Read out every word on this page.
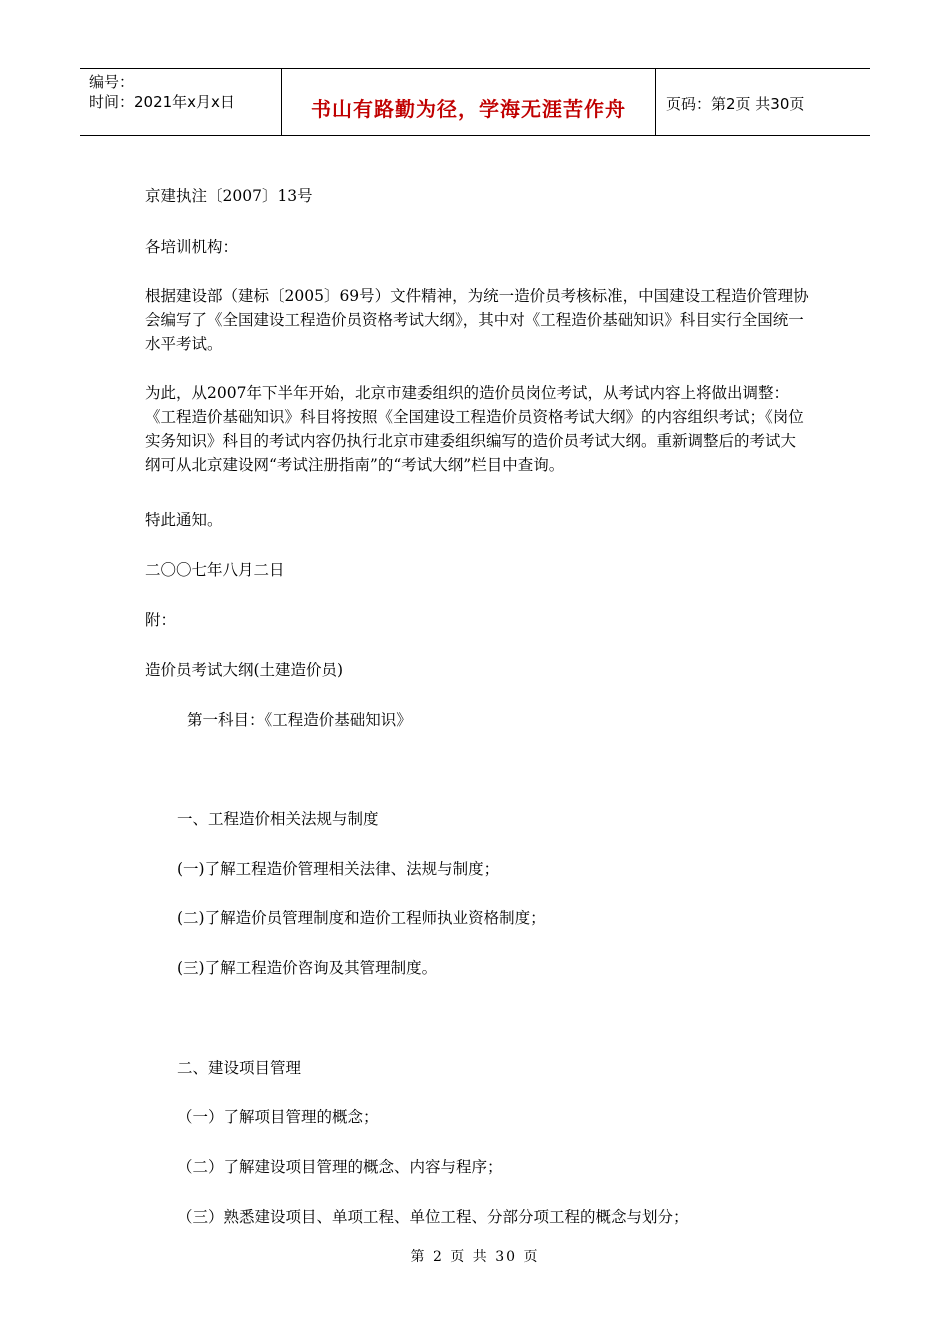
编号：
时间：2021年x月x日	书山有路勤为径，学海无涯苦作舟	页码：第2页 共30页
京建执注〔2007〕13号
各培训机构：
根据建设部（建标〔2005〕69号）文件精神，为统一造价员考核标准，中国建设工程造价管理协会编写了《全国建设工程造价员资格考试大纲》，其中对《工程造价基础知识》科目实行全国统一水平考试。
为此，从2007年下半年开始，北京市建委组织的造价员岗位考试，从考试内容上将做出调整：《工程造价基础知识》科目将按照《全国建设工程造价员资格考试大纲》的内容组织考试；《岗位实务知识》科目的考试内容仍执行北京市建委组织编写的造价员考试大纲。重新调整后的考试大纲可从北京建设网“考试注册指南”的“考试大纲”栏目中查询。
特此通知。
二〇〇七年八月二日
附：
造价员考试大纲(土建造价员)
第一科目：《工程造价基础知识》
一、工程造价相关法规与制度
(一)了解工程造价管理相关法律、法规与制度；
(二)了解造价员管理制度和造价工程师执业资格制度；
(三)了解工程造价咨询及其管理制度。
二、建设项目管理
（一）了解项目管理的概念；
（二）了解建设项目管理的概念、内容与程序；
（三）熟悉建设项目、单项工程、单位工程、分部分项工程的概念与划分；
第 2 页 共 30 页
